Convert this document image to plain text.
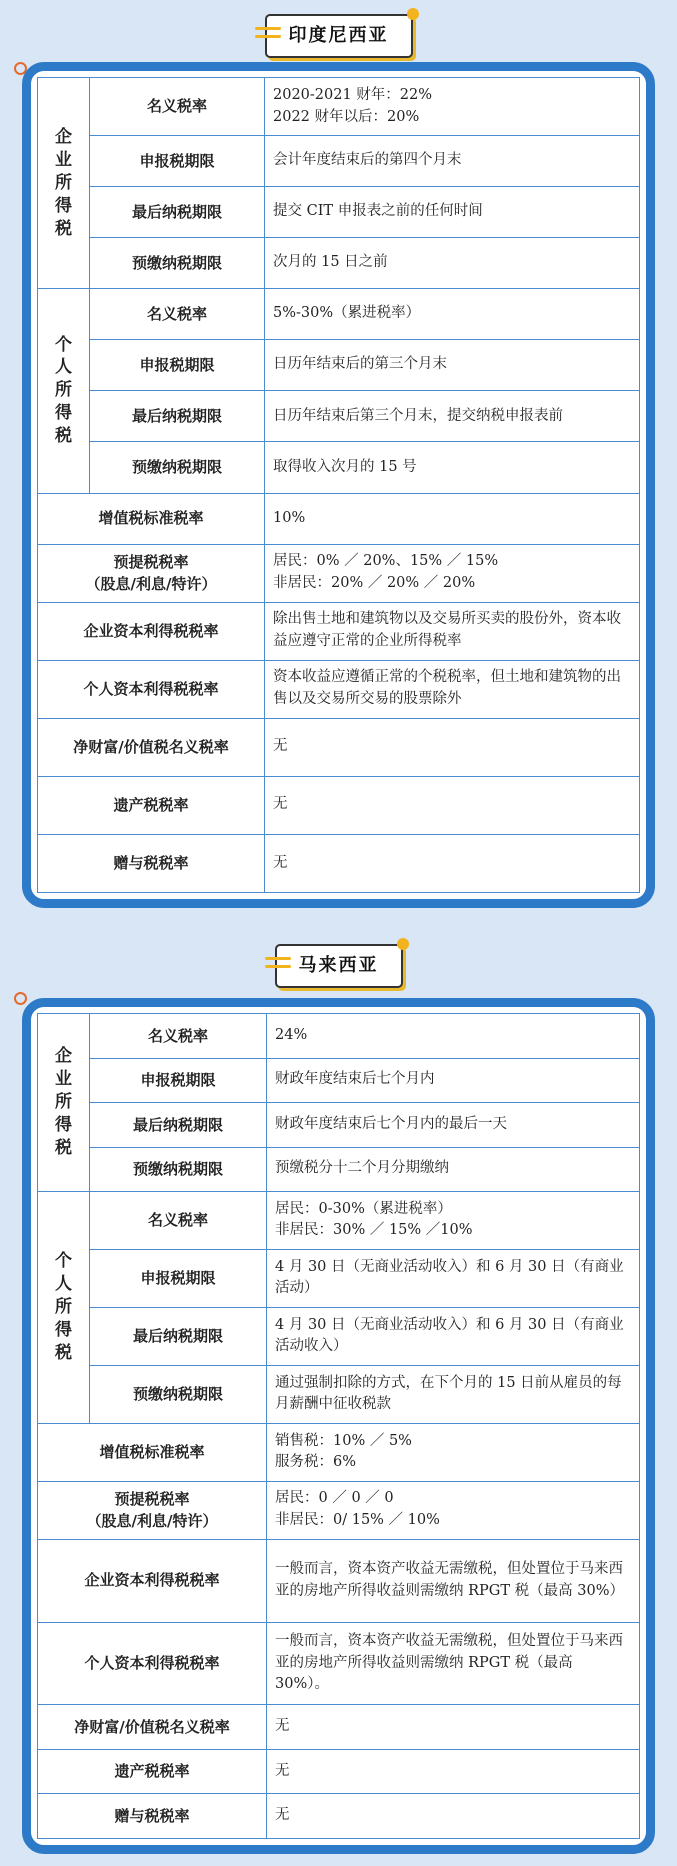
印度尼西亚
企业所得税	名义税率	2020-2021 财年：22%
2022 财年以后：20%
	申报税期限	会计年度结束后的第四个月末
	最后纳税期限	提交 CIT 申报表之前的任何时间
	预缴纳税期限	次月的 15 日之前

个人所得税	名义税率	5%-30%（累进税率）
	申报税期限	日历年结束后的第三个月末
	最后纳税期限	日历年结束后第三个月末，提交纳税申报表前
	预缴纳税期限	取得收入次月的 15 号
增值税标准税率		10%
预提税税率
（股息/利息/特许）		居民：0% ／ 20%、15% ／ 15%
非居民：20% ／ 20% ／ 20%
企业资本利得税税率		除出售土地和建筑物以及交易所买卖的股份外，资本收益应遵守正常的企业所得税率
个人资本利得税税率		资本收益应遵循正常的个税税率，但土地和建筑物的出售以及交易所交易的股票除外
净财富/价值税名义税率		无
遗产税税率		无
赠与税税率		无
马来西亚
企业所得税	名义税率	24%
	申报税期限	财政年度结束后七个月内
	最后纳税期限	财政年度结束后七个月内的最后一天
	预缴纳税期限	预缴税分十二个月分期缴纳

个人所得税	名义税率	居民：0-30%（累进税率）
非居民：30% ／ 15% ／10%
	申报税期限	4 月 30 日（无商业活动收入）和 6 月 30 日（有商业活动）
	最后纳税期限	4 月 30 日（无商业活动收入）和 6 月 30 日（有商业活动收入）
	预缴纳税期限	通过强制扣除的方式，在下个月的 15 日前从雇员的每月薪酬中征收税款
增值税标准税率		销售税：10% ／ 5%
服务税：6%
预提税税率
（股息/利息/特许）		居民：0 ／ 0 ／ 0
非居民：0/ 15% ／ 10%
企业资本利得税税率		一般而言，资本资产收益无需缴税，但处置位于马来西亚的房地产所得收益则需缴纳 RPGT 税（最高 30%）
个人资本利得税税率		一般而言，资本资产收益无需缴税，但处置位于马来西亚的房地产所得收益则需缴纳 RPGT 税（最高 30%）。
净财富/价值税名义税率		无
遗产税税率		无
赠与税税率		无
